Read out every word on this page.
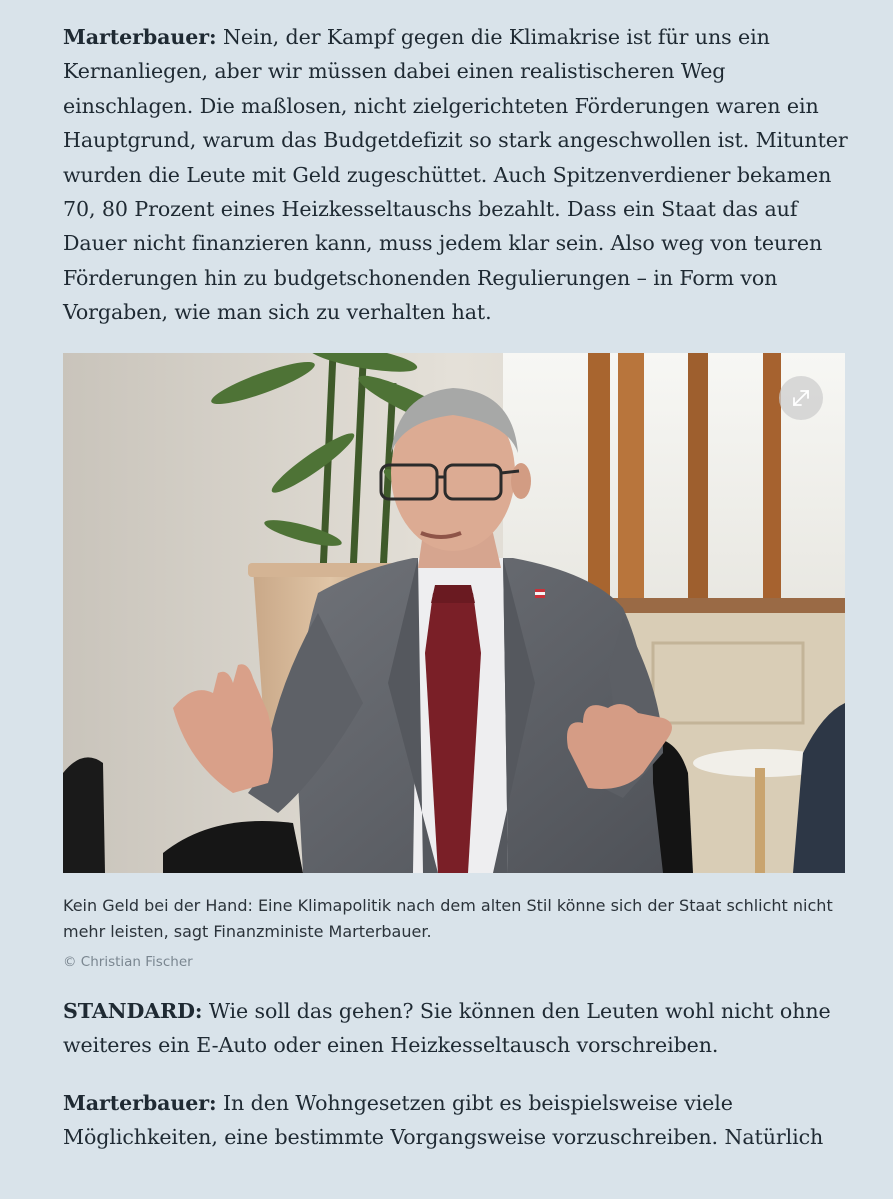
Marterbauer: Nein, der Kampf gegen die Klimakrise ist für uns ein Kernanliegen, aber wir müssen dabei einen realistischeren Weg einschlagen. Die maßlosen, nicht zielgerichteten Förderungen waren ein Hauptgrund, warum das Budgetdefizit so stark angeschwollen ist. Mitunter wurden die Leute mit Geld zugeschüttet. Auch Spitzenverdiener bekamen 70, 80 Prozent eines Heizkesseltauschs bezahlt. Dass ein Staat das auf Dauer nicht finanzieren kann, muss jedem klar sein. Also weg von teuren Förderungen hin zu budgetschonenden Regulierungen – in Form von Vorgaben, wie man sich zu verhalten hat.

Kein Geld bei der Hand: Eine Klimapolitik nach dem alten Stil könne sich der Staat schlicht nicht mehr leisten, sagt Finanzministe Marterbauer.

© Christian Fischer

STANDARD: Wie soll das gehen? Sie können den Leuten wohl nicht ohne weiteres ein E-Auto oder einen Heizkesseltausch vorschreiben.

Marterbauer: In den Wohngesetzen gibt es beispielsweise viele Möglichkeiten, eine bestimmte Vorgangsweise vorzuschreiben. Natürlich
